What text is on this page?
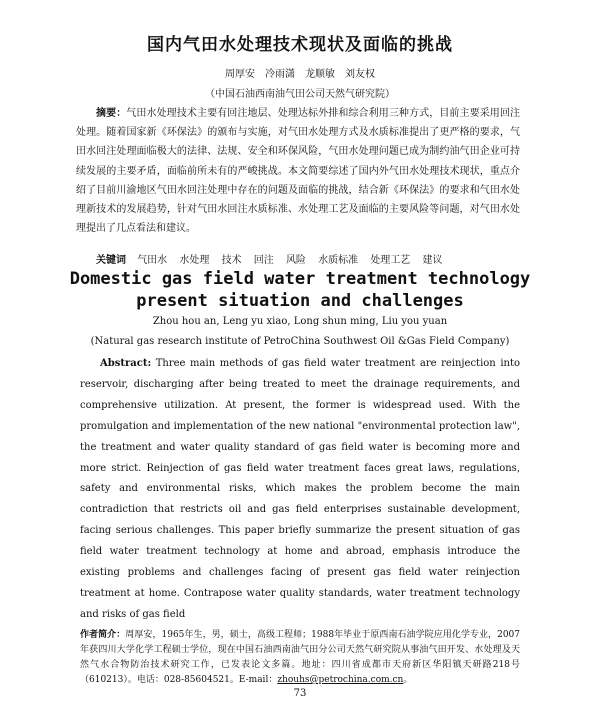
国内气田水处理技术现状及面临的挑战
周厚安　冷雨潇　龙顺敏　刘友权
（中国石油西南油气田公司天然气研究院）

摘要：气田水处理技术主要有回注地层、处理达标外排和综合利用三种方式，目前主要采用回注处理。随着国家新《环保法》的颁布与实施，对气田水处理方式及水质标准提出了更严格的要求，气田水回注处理面临极大的法律、法规、安全和环保风险，气田水处理问题已成为制约油气田企业可持续发展的主要矛盾，面临前所未有的严峻挑战。本文简要综述了国内外气田水处理技术现状，重点介绍了目前川渝地区气田水回注处理中存在的问题及面临的挑战，结合新《环保法》的要求和气田水处理新技术的发展趋势，针对气田水回注水质标准、水处理工艺及面临的主要风险等问题，对气田水处理提出了几点看法和建议。

关键词 气田水 水处理 技术 回注 风险 水质标准 处理工艺 建议
Domestic gas field water treatment technology
present situation and challenges
Zhou hou an, Leng yu xiao, Long shun ming, Liu you yuan
(Natural gas research institute of PetroChina Southwest Oil &Gas Field Company)

Abstract: Three main methods of gas field water treatment are reinjection into reservoir, discharging after being treated to meet the drainage requirements, and comprehensive utilization. At present, the former is widespread used. With the promulgation and implementation of the new national "environmental protection law", the treatment and water quality standard of gas field water is becoming more and more strict. Reinjection of gas field water treatment faces great laws, regulations, safety and environmental risks, which makes the problem become the main contradiction that restricts oil and gas field enterprises sustainable development, facing serious challenges. This paper briefly summarize the present situation of gas field water treatment technology at home and abroad, emphasis introduce the existing problems and challenges facing of present gas field water reinjection treatment at home. Contrapose water quality standards, water treatment technology and risks of gas field

作者简介：周厚安，1965年生，男，硕士，高级工程师；1988年毕业于原西南石油学院应用化学专业，2007年获四川大学化学工程硕士学位，现在中国石油西南油气田分公司天然气研究院从事油气田开发、水处理及天然气水合物防治技术研究工作，已发表论文多篇。地址：四川省成都市天府新区华阳镇天研路218号（610213）。电话：028-85604521。E-mail：zhouhs@petrochina.com.cn。

73
